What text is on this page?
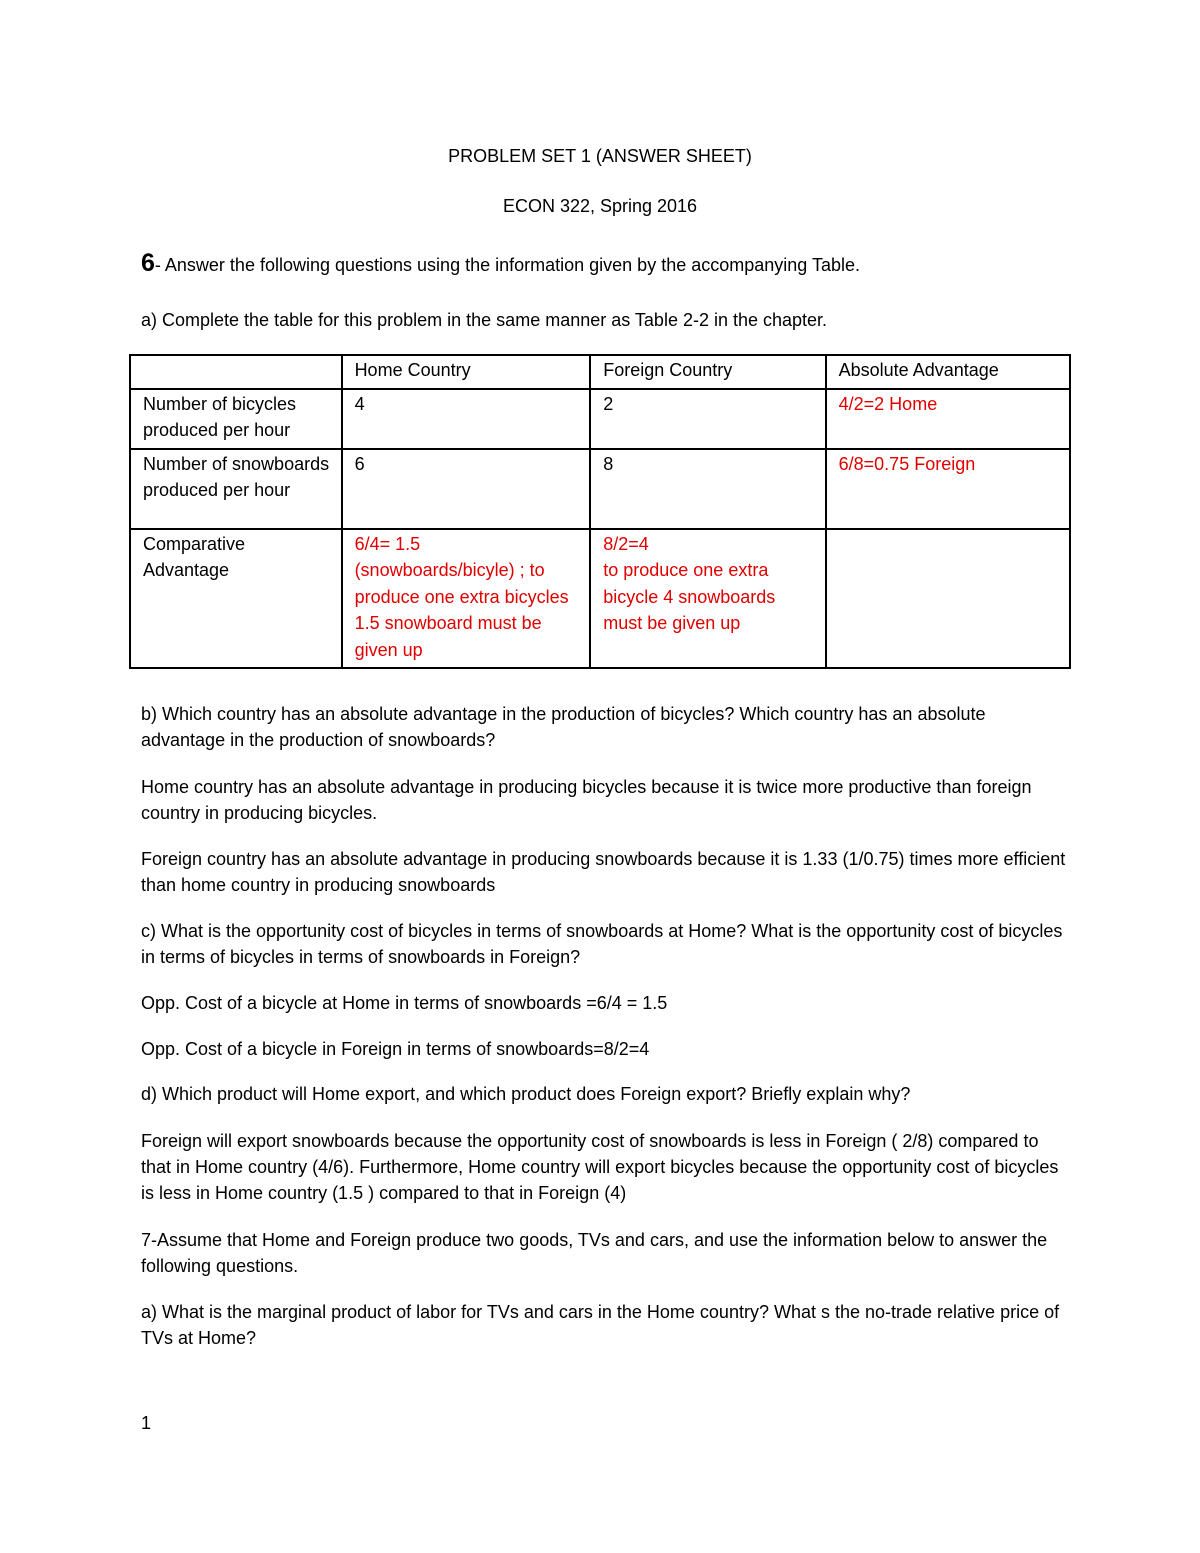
PROBLEM SET 1 (ANSWER SHEET)
ECON 322, Spring 2016
6- Answer the following questions using the information given by the accompanying Table.
a) Complete the table for this problem in the same manner as Table 2-2 in the chapter.
	Home Country	Foreign Country	Absolute Advantage
Number of bicycles produced per hour	4	2	4/2=2 Home
Number of snowboards produced per hour	6	8	6/8=0.75 Foreign
Comparative Advantage	6/4= 1.5 (snowboards/bicyle) ; to produce one extra bicycles 1.5 snowboard must be given up	8/2=4
to produce one extra bicycle 4 snowboards must be given up	

b) Which country has an absolute advantage in the production of bicycles? Which country has an absolute advantage in the production of snowboards?
Home country has an absolute advantage in producing bicycles because it is twice more productive than foreign country in producing bicycles.
Foreign country has an absolute advantage in producing snowboards because it is 1.33 (1/0.75) times more efficient than home country in producing snowboards
c) What is the opportunity cost of bicycles in terms of snowboards at Home? What is the opportunity cost of bicycles in terms of bicycles in terms of snowboards in Foreign?
Opp. Cost of a bicycle at Home in terms of snowboards =6/4 = 1.5
Opp. Cost of a bicycle in Foreign in terms of snowboards=8/2=4
d) Which product will Home export, and which product does Foreign export? Briefly explain why?
Foreign will export snowboards because the opportunity cost of snowboards is less in Foreign ( 2/8) compared to that in Home country (4/6). Furthermore, Home country will export bicycles because the opportunity cost of bicycles is less in Home country (1.5 ) compared to that in Foreign (4)
7-Assume that Home and Foreign produce two goods, TVs and cars, and use the information below to answer the following questions.
a) What is the marginal product of labor for TVs and cars in the Home country? What s the no-trade relative price of TVs at Home?
1
